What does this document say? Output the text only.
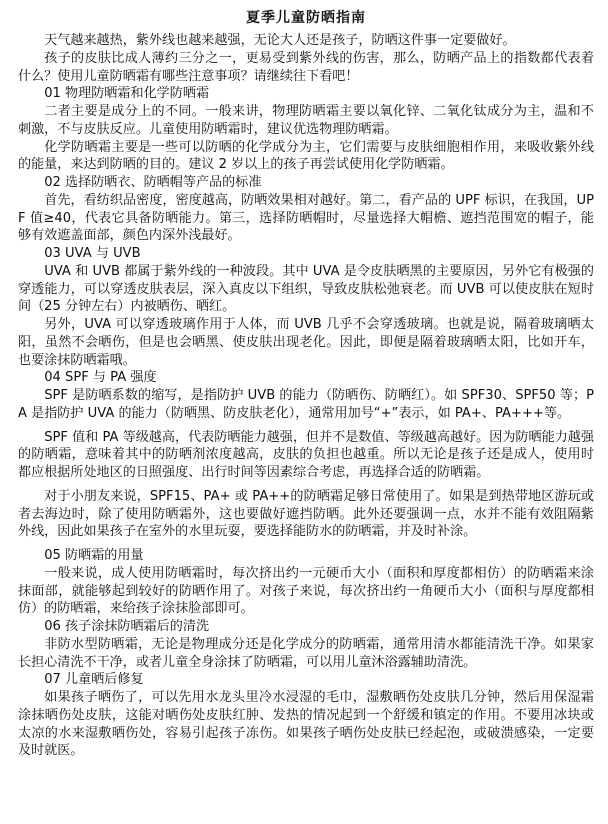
夏季儿童防晒指南
天气越来越热，紫外线也越来越强，无论大人还是孩子，防晒这件事一定要做好。
孩子的皮肤比成人薄约三分之一，更易受到紫外线的伤害，那么，防晒产品上的指数都代表着什么？使用儿童防晒霜有哪些注意事项？请继续往下看吧！
01 物理防晒霜和化学防晒霜
二者主要是成分上的不同。一般来讲，物理防晒霜主要以氧化锌、二氧化钛成分为主，温和不刺激，不与皮肤反应。儿童使用防晒霜时，建议优选物理防晒霜。
化学防晒霜主要是一些可以防晒的化学成分为主，它们需要与皮肤细胞相作用，来吸收紫外线的能量，来达到防晒的目的。建议 2 岁以上的孩子再尝试使用化学防晒霜。
02 选择防晒衣、防晒帽等产品的标准
首先，看纺织品密度，密度越高，防晒效果相对越好。第二，看产品的 UPF 标识，在我国，UPF 值≥40，代表它具备防晒能力。第三，选择防晒帽时，尽量选择大帽檐、遮挡范围宽的帽子，能够有效遮盖面部，颜色内深外浅最好。
03 UVA 与 UVB
UVA 和 UVB 都属于紫外线的一种波段。其中 UVA 是令皮肤晒黑的主要原因，另外它有极强的穿透能力，可以穿透皮肤表层，深入真皮以下组织，导致皮肤松弛衰老。而 UVB 可以使皮肤在短时间（25 分钟左右）内被晒伤、晒红。
另外，UVA 可以穿透玻璃作用于人体，而 UVB 几乎不会穿透玻璃。也就是说，隔着玻璃晒太阳，虽然不会晒伤，但是也会晒黑、使皮肤出现老化。因此，即便是隔着玻璃晒太阳，比如开车，也要涂抹防晒霜哦。
04 SPF 与 PA 强度
SPF 是防晒系数的缩写，是指防护 UVB 的能力（防晒伤、防晒红）。如 SPF30、SPF50 等；PA 是指防护 UVA 的能力（防晒黑、防皮肤老化），通常用加号“+”表示，如 PA+、PA+++等。
SPF 值和 PA 等级越高，代表防晒能力越强，但并不是数值、等级越高越好。因为防晒能力越强的防晒霜，意味着其中的防晒剂浓度越高，皮肤的负担也越重。所以无论是孩子还是成人，使用时都应根据所处地区的日照强度、出行时间等因素综合考虑，再选择合适的防晒霜。
对于小朋友来说，SPF15、PA+ 或 PA++的防晒霜足够日常使用了。如果是到热带地区游玩或者去海边时，除了使用防晒霜外，这也要做好遮挡防晒。此外还要强调一点，水并不能有效阻隔紫外线，因此如果孩子在室外的水里玩耍，要选择能防水的防晒霜，并及时补涂。
05 防晒霜的用量
一般来说，成人使用防晒霜时，每次挤出约一元硬币大小（面积和厚度都相仿）的防晒霜来涂抹面部，就能够起到较好的防晒作用了。对孩子来说，每次挤出约一角硬币大小（面积与厚度都相仿）的防晒霜，来给孩子涂抹脸部即可。
06 孩子涂抹防晒霜后的清洗
非防水型防晒霜，无论是物理成分还是化学成分的防晒霜，通常用清水都能清洗干净。如果家长担心清洗不干净，或者儿童全身涂抹了防晒霜，可以用儿童沐浴露辅助清洗。
07 儿童晒后修复
如果孩子晒伤了，可以先用水龙头里冷水浸湿的毛巾，湿敷晒伤处皮肤几分钟，然后用保湿霜涂抹晒伤处皮肤，这能对晒伤处皮肤红肿、发热的情况起到一个舒缓和镇定的作用。不要用冰块或太凉的水来湿敷晒伤处，容易引起孩子冻伤。如果孩子晒伤处皮肤已经起泡，或破溃感染，一定要及时就医。
